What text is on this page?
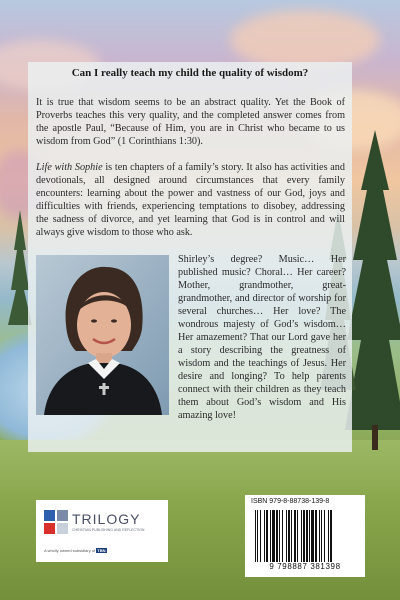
Can I really teach my child the quality of wisdom?

It is true that wisdom seems to be an abstract quality. Yet the Book of Proverbs teaches this very quality, and the completed answer comes from the apostle Paul, “Because of Him, you are in Christ who became to us wisdom from God” (1 Corinthians 1:30).

Life with Sophie is ten chapters of a family’s story. It also has activities and devotionals, all designed around circumstances that every family encounters: learning about the power and vastness of our God, joys and difficulties with friends, experiencing temptations to disobey, addressing the sadness of divorce, and yet learning that God is in control and will always give wisdom to those who ask.

Shirley’s degree? Music… Her published music? Choral… Her career? Mother, grandmother, great-grandmother, and director of worship for several churches… Her love? The wondrous majesty of God’s wisdom… Her amazement? That our Lord gave her a story describing the greatness of wisdom and the teachings of Jesus. Her desire and longing? To help parents connect with their children as they teach them about God’s wisdom and His amazing love!

TRILOGY
CHRISTIAN PUBLISHING AND REFLECTION
A wholly owned subsidiary of TBN
ISBN 979-8-88738-139-8
9 798887 381398
